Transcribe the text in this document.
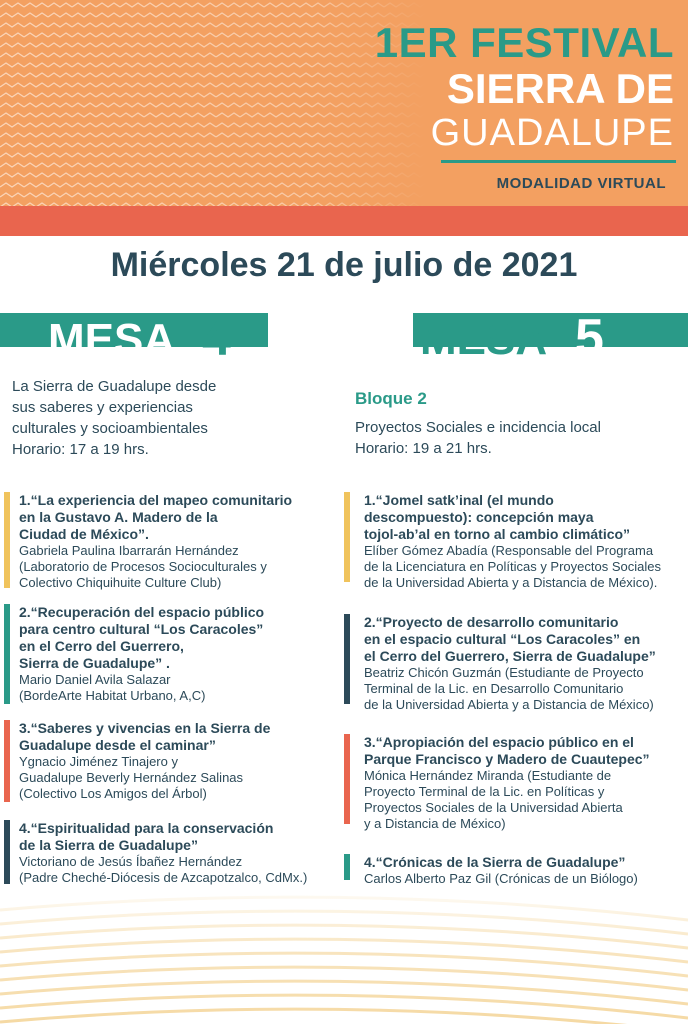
1ER FESTIVAL
SIERRA DE
GUADALUPE
MODALIDAD VIRTUAL
Miércoles 21 de julio de 2021
MESA 4	MESA 5
La Sierra de Guadalupe desde
sus saberes y experiencias
culturales y socioambientales
Horario: 17 a 19 hrs.
Bloque 2
Proyectos Sociales e incidencia local
Horario: 19 a 21 hrs.
1.“La experiencia del mapeo comunitario
en la Gustavo A. Madero de la
Ciudad de México”.
Gabriela Paulina Ibarrarán Hernández
(Laboratorio de Procesos Socioculturales y
Colectivo Chiquihuite Culture Club)
2.“Recuperación del espacio público
para centro cultural “Los Caracoles”
en el Cerro del Guerrero,
Sierra de Guadalupe” .
Mario Daniel Avila Salazar
(BordeArte Habitat Urbano, A,C)
3.“Saberes y vivencias en la Sierra de
Guadalupe desde el caminar”
Ygnacio Jiménez Tinajero y
Guadalupe Beverly Hernández Salinas
(Colectivo Los Amigos del Árbol)
4.“Espiritualidad para la conservación
de la Sierra de Guadalupe”
Victoriano de Jesús Íbañez Hernández
(Padre Cheché-Diócesis de Azcapotzalco, CdMx.)
1.“Jomel satk’inal (el mundo
descompuesto): concepción maya
tojol-ab’al en torno al cambio climático”
Elíber Gómez Abadía (Responsable del Programa
de la Licenciatura en Políticas y Proyectos Sociales
de la Universidad Abierta y a Distancia de México).
2.“Proyecto de desarrollo comunitario
en el espacio cultural “Los Caracoles” en
el Cerro del Guerrero, Sierra de Guadalupe”
Beatriz Chicón Guzmán (Estudiante de Proyecto
Terminal de la Lic. en Desarrollo Comunitario
de la Universidad Abierta y a Distancia de México)
3.“Apropiación del espacio público en el
Parque Francisco y Madero de Cuautepec”
Mónica Hernández Miranda (Estudiante de
Proyecto Terminal de la Lic. en Políticas y
Proyectos Sociales de la Universidad Abierta
y a Distancia de México)
4.“Crónicas de la Sierra de Guadalupe”
Carlos Alberto Paz Gil (Crónicas de un Biólogo)
